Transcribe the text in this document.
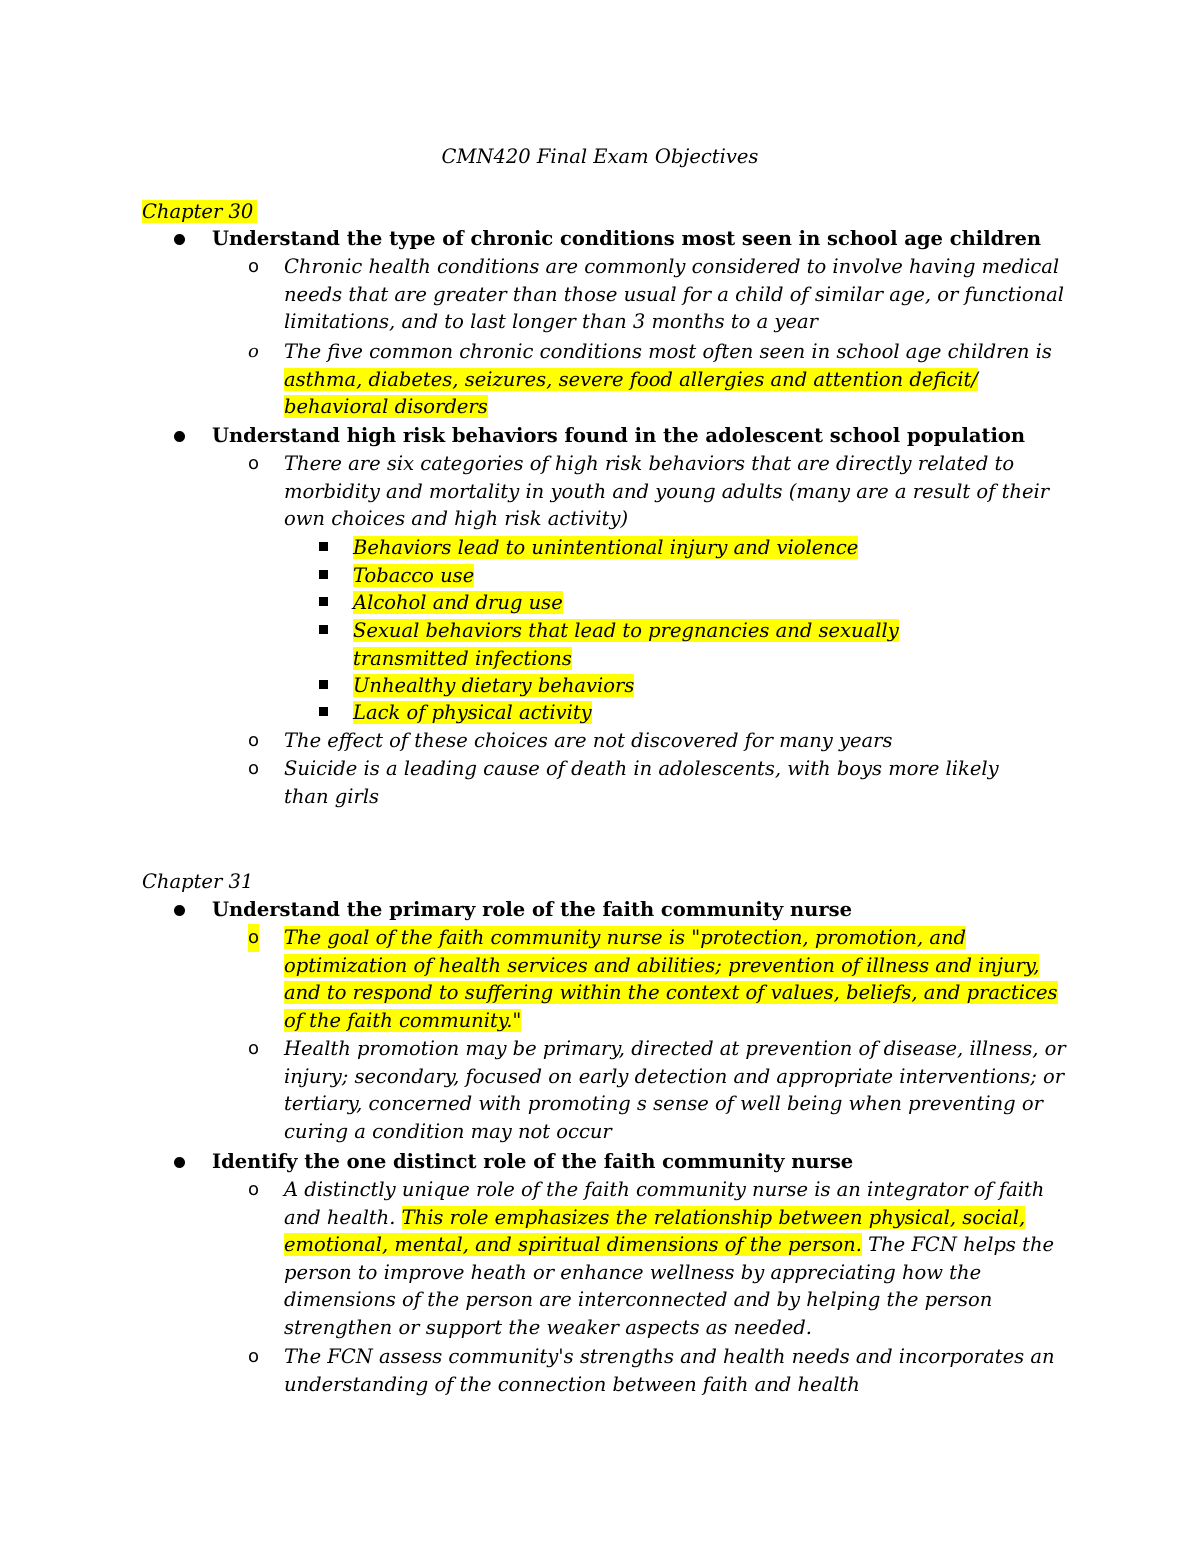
CMN420 Final Exam Objectives
Chapter 30
Understand the type of chronic conditions most seen in school age children
o Chronic health conditions are commonly considered to involve having medical needs that are greater than those usual for a child of similar age, or functional limitations, and to last longer than 3 months to a year
o The five common chronic conditions most often seen in school age children is asthma, diabetes, seizures, severe food allergies and attention deficit/ behavioral disorders
Understand high risk behaviors found in the adolescent school population
o There are six categories of high risk behaviors that are directly related to morbidity and mortality in youth and young adults (many are a result of their own choices and high risk activity)
Behaviors lead to unintentional injury and violence
Tobacco use
Alcohol and drug use
Sexual behaviors that lead to pregnancies and sexually transmitted infections
Unhealthy dietary behaviors
Lack of physical activity
o The effect of these choices are not discovered for many years
o Suicide is a leading cause of death in adolescents, with boys more likely than girls
Chapter 31
Understand the primary role of the faith community nurse
o The goal of the faith community nurse is "protection, promotion, and optimization of health services and abilities; prevention of illness and injury, and to respond to suffering within the context of values, beliefs, and practices of the faith community."
o Health promotion may be primary, directed at prevention of disease, illness, or injury; secondary, focused on early detection and appropriate interventions; or tertiary, concerned with promoting s sense of well being when preventing or curing a condition may not occur
Identify the one distinct role of the faith community nurse
o A distinctly unique role of the faith community nurse is an integrator of faith and health. This role emphasizes the relationship between physical, social, emotional, mental, and spiritual dimensions of the person. The FCN helps the person to improve heath or enhance wellness by appreciating how the dimensions of the person are interconnected and by helping the person strengthen or support the weaker aspects as needed.
o The FCN assess community's strengths and health needs and incorporates an understanding of the connection between faith and health
